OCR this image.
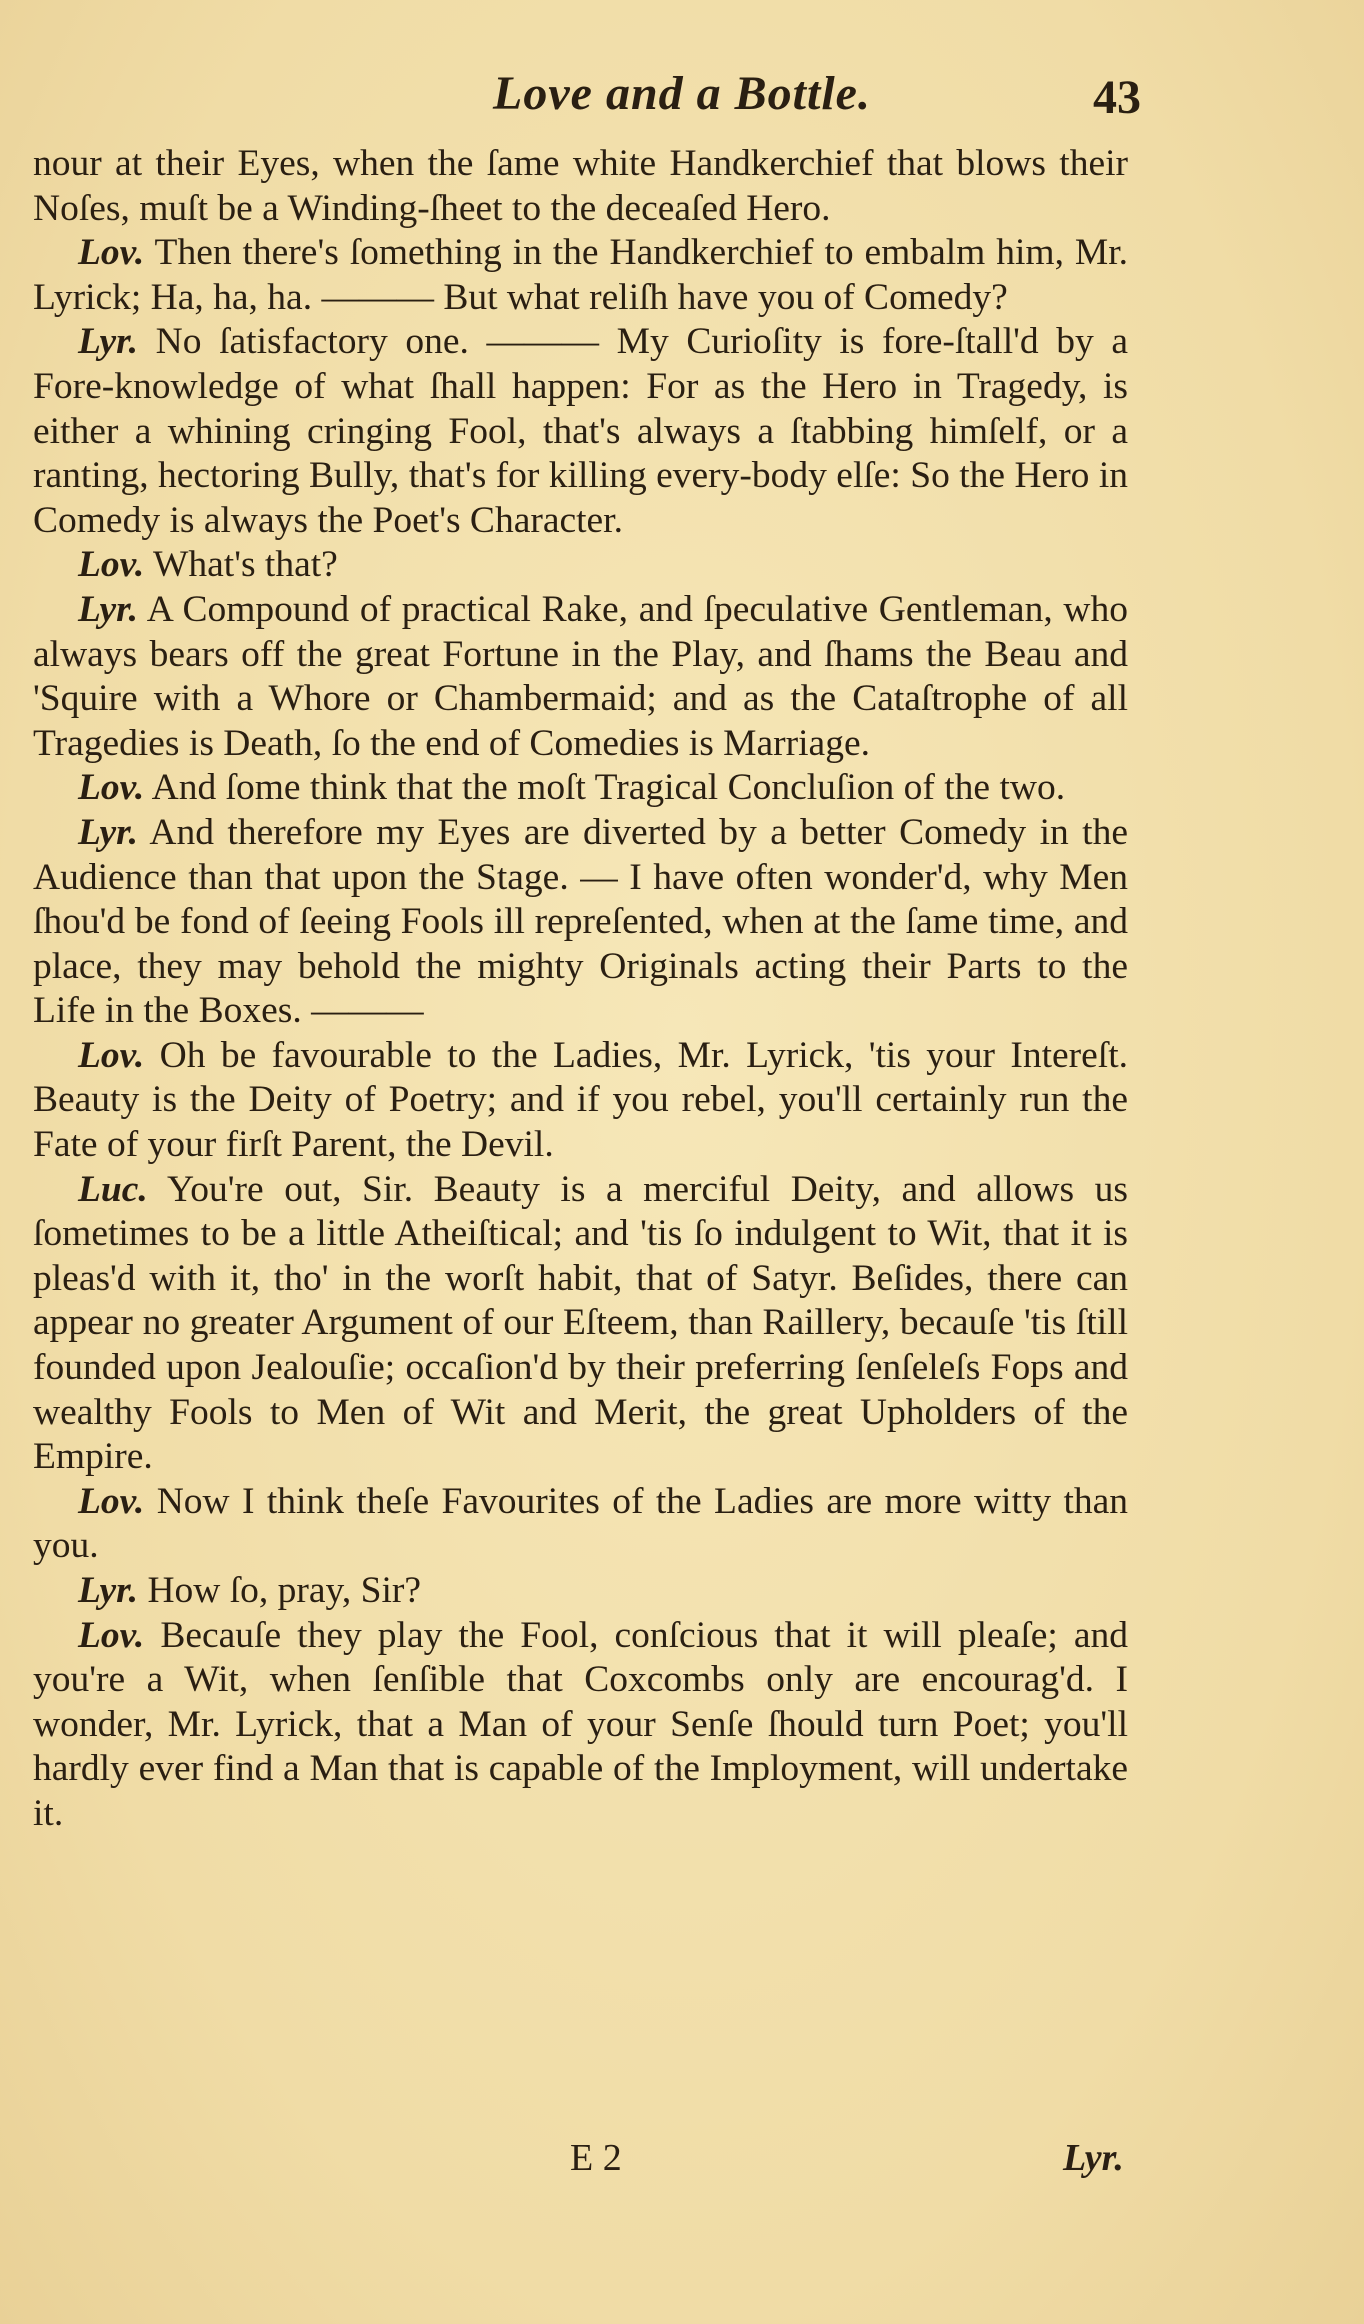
Love and a Bottle.	43

nour at their Eyes, when the ſame white Handkerchief that blows their Noſes, muſt be a Winding-ſheet to the deceaſed Hero.

Lov. Then there's ſomething in the Handkerchief to embalm him, Mr. Lyrick; Ha, ha, ha. ——— But what reliſh have you of Comedy?

Lyr. No ſatisfactory one. ——— My Curioſity is fore-ſtall'd by a Fore-knowledge of what ſhall happen: For as the Hero in Tragedy, is either a whining cringing Fool, that's always a ſtabbing himſelf, or a ranting, hectoring Bully, that's for killing every-body elſe: So the Hero in Comedy is always the Poet's Character.

Lov. What's that?

Lyr. A Compound of practical Rake, and ſpeculative Gentleman, who always bears off the great Fortune in the Play, and ſhams the Beau and 'Squire with a Whore or Chambermaid; and as the Cataſtrophe of all Tragedies is Death, ſo the end of Comedies is Marriage.

Lov. And ſome think that the moſt Tragical Concluſion of the two.

Lyr. And therefore my Eyes are diverted by a better Comedy in the Audience than that upon the Stage. — I have often wonder'd, why Men ſhou'd be fond of ſeeing Fools ill repreſented, when at the ſame time, and place, they may behold the mighty Originals acting their Parts to the Life in the Boxes. ———

Lov. Oh be favourable to the Ladies, Mr. Lyrick, 'tis your Intereſt. Beauty is the Deity of Poetry; and if you rebel, you'll certainly run the Fate of your firſt Parent, the Devil.

Luc. You're out, Sir. Beauty is a merciful Deity, and allows us ſometimes to be a little Atheiſtical; and 'tis ſo indulgent to Wit, that it is pleas'd with it, tho' in the worſt habit, that of Satyr. Beſides, there can appear no greater Argument of our Eſteem, than Raillery, becauſe 'tis ſtill founded upon Jealouſie; occaſion'd by their preferring ſenſeleſs Fops and wealthy Fools to Men of Wit and Merit, the great Upholders of the Empire.

Lov. Now I think theſe Favourites of the Ladies are more witty than you.

Lyr. How ſo, pray, Sir?

Lov. Becauſe they play the Fool, conſcious that it will pleaſe; and you're a Wit, when ſenſible that Coxcombs only are encourag'd. I wonder, Mr. Lyrick, that a Man of your Senſe ſhould turn Poet; you'll hardly ever find a Man that is capable of the Imployment, will undertake it.

E 2	Lyr.
